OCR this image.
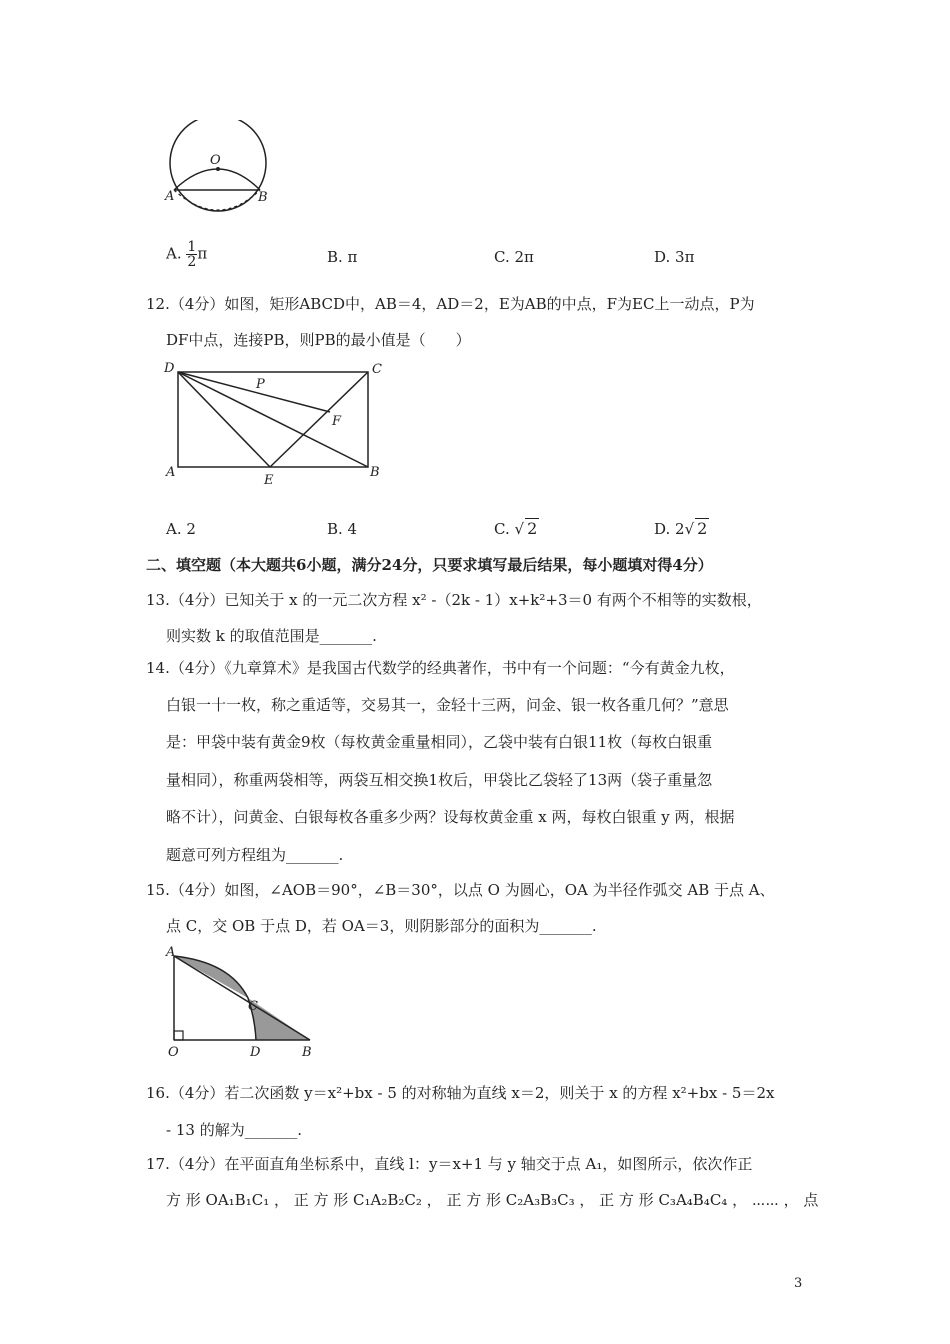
O
A	B
A. $\frac{1}{2}$ π	B. π	C. 2π	D. 3π
12.（4分）如图，矩形ABCD中，AB＝4，AD＝2，E为AB的中点，F为EC上一动点，P为
DF中点，连接PB，则PB的最小值是（　　）
D	C
P
F
A
E
B
A. 2	B. 4	C. √ 2	D. 2√ 2
二、填空题（本大题共6小题，满分24分，只要求填写最后结果，每小题填对得4分）
13.（4分）已知关于 x 的一元二次方程 x² -（2k - 1）x+k²+3＝0 有两个不相等的实数根，
则实数 k 的取值范围是_______.
14.（4分）《九章算术》是我国古代数学的经典著作，书中有一个问题：“今有黄金九枚，
白银一十一枚，称之重适等，交易其一，金轻十三两，问金、银一枚各重几何？”意思
是：甲袋中装有黄金9枚（每枚黄金重量相同），乙袋中装有白银11枚（每枚白银重
量相同），称重两袋相等，两袋互相交换1枚后，甲袋比乙袋轻了13两（袋子重量忽
略不计），问黄金、白银每枚各重多少两？设每枚黄金重 x 两，每枚白银重 y 两，根据
题意可列方程组为_______.
15.（4分）如图，∠AOB＝90°，∠B＝30°，以点 O 为圆心，OA 为半径作弧交 AB 于点 A、
点 C，交 OB 于点 D，若 OA＝3，则阴影部分的面积为_______.
A
C
O	D	B
16.（4分）若二次函数 y＝x²+bx - 5 的对称轴为直线 x＝2，则关于 x 的方程 x²+bx - 5＝2x
- 13 的解为_______.
17.（4分）在平面直角坐标系中，直线 l：y＝x+1 与 y 轴交于点 A₁，如图所示，依次作正
方 形 OA₁B₁C₁ ， 正 方 形 C₁A₂B₂C₂ ， 正 方 形 C₂A₃B₃C₃ ， 正 方 形 C₃A₄B₄C₄ ， ⋯⋯ ， 点
3
